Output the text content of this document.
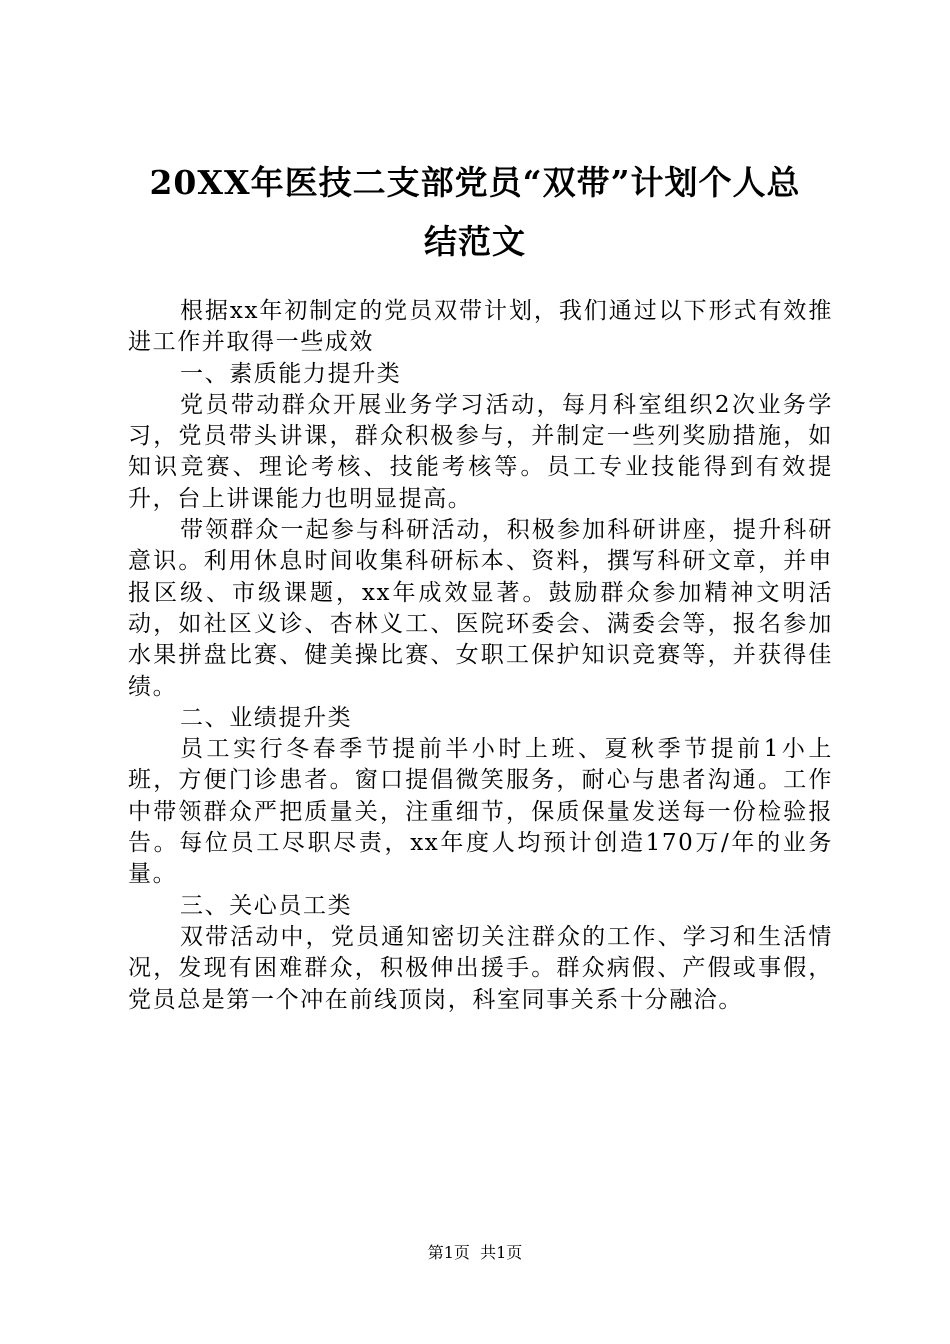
20XX年医技二支部党员“双带”计划个人总
结范文

根据xx年初制定的党员双带计划，我们通过以下形式有效推进工作并取得一些成效

一、素质能力提升类

党员带动群众开展业务学习活动，每月科室组织2次业务学习，党员带头讲课，群众积极参与，并制定一些列奖励措施，如知识竞赛、理论考核、技能考核等。员工专业技能得到有效提升，台上讲课能力也明显提高。

带领群众一起参与科研活动，积极参加科研讲座，提升科研意识。利用休息时间收集科研标本、资料，撰写科研文章，并申报区级、市级课题，xx年成效显著。鼓励群众参加精神文明活动，如社区义诊、杏林义工、医院环委会、满委会等，报名参加水果拼盘比赛、健美操比赛、女职工保护知识竞赛等，并获得佳绩。

二、业绩提升类

员工实行冬春季节提前半小时上班、夏秋季节提前1小上班，方便门诊患者。窗口提倡微笑服务，耐心与患者沟通。工作中带领群众严把质量关，注重细节，保质保量发送每一份检验报告。每位员工尽职尽责，xx年度人均预计创造170万/年的业务量。

三、关心员工类

双带活动中，党员通知密切关注群众的工作、学习和生活情况，发现有困难群众，积极伸出援手。群众病假、产假或事假，党员总是第一个冲在前线顶岗，科室同事关系十分融洽。

第1页  共1页
